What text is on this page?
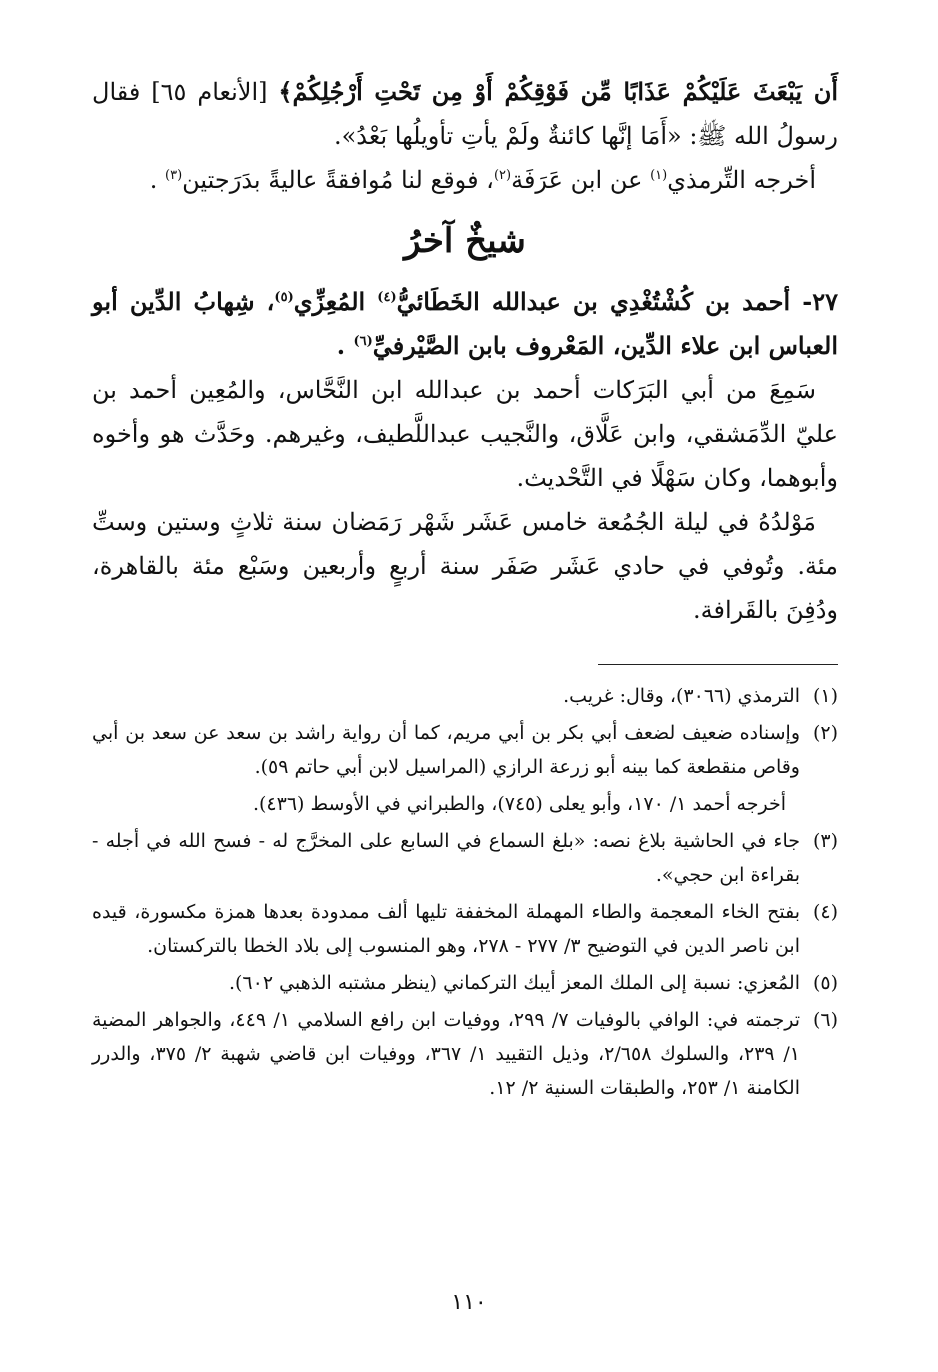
أَن يَبْعَثَ عَلَيْكُمْ عَذَابًا مِّن فَوْقِكُمْ أَوْ مِن تَحْتِ أَرْجُلِكُمْ﴾ [الأنعام ٦٥] فقال رسولُ الله ﷺ: «أَمَا إنَّها كائنةٌ ولَمْ يأتِ تأويلُها بَعْدُ».

أخرجه التِّرمذي$^{(١)}$ عن ابن عَرَفَة$^{(٢)}$، فوقع لنا مُوافقةً عاليةً بدَرَجتين$^{(٣)}$ .

شيخٌ آخرُ

٢٧- أحمد بن كُشْتُغْدِي بن عبدالله الخَطَائيُّ$^{(٤)}$ المُعِزِّي$^{(٥)}$، شِهابُ الدِّين أبو العباس ابن علاء الدِّين، المَعْروف بابن الصَّيْرفيِّ$^{(٦)}$ .

سَمِعَ من أبي البَرَكات أحمد بن عبدالله ابن النَّحَّاس، والمُعِين أحمد بن عليّ الدِّمَشقي، وابن عَلَّاق، والنَّجيب عبداللَّطيف، وغيرهم. وحَدَّث هو وأخوه وأبوهما، وكان سَهْلًا في التَّحْديث.

مَوْلدُهُ في ليلة الجُمُعة خامس عَشَر شَهْر رَمَضان سنة ثلاثٍ وستين وستِّ مئة. وتُوفي في حادي عَشَر صَفَر سنة أربعٍ وأربعين وسَبْع مئة بالقاهرة، ودُفِنَ بالقَرافة.

(١)
الترمذي (٣٠٦٦)، وقال: غريب.
(٢)
وإسناده ضعيف لضعف أبي بكر بن أبي مريم، كما أن رواية راشد بن سعد عن سعد بن أبي وقاص منقطعة كما بينه أبو زرعة الرازي (المراسيل لابن أبي حاتم ٥٩).
أخرجه أحمد ١/ ١٧٠، وأبو يعلى (٧٤٥)، والطبراني في الأوسط (٤٣٦).
(٣)
جاء في الحاشية بلاغ نصه: «بلغ السماع في السابع على المخرَّج له - فسح الله في أجله - بقراءة ابن حجي».
(٤)
بفتح الخاء المعجمة والطاء المهملة المخففة تليها ألف ممدودة بعدها همزة مكسورة، قيده ابن ناصر الدين في التوضيح ٣/ ٢٧٧ - ٢٧٨، وهو المنسوب إلى بلاد الخطا بالتركستان.
(٥)
المُعزي: نسبة إلى الملك المعز أيبك التركماني (ينظر مشتبه الذهبي ٦٠٢).
(٦)
ترجمته في: الوافي بالوفيات ٧/ ٢٩٩، ووفيات ابن رافع السلامي ١/ ٤٤٩، والجواهر المضية ١/ ٢٣٩، والسلوك ٢/٦٥٨، وذيل التقييد ١/ ٣٦٧، ووفيات ابن قاضي شهبة ٢/ ٣٧٥، والدرر الكامنة ١/ ٢٥٣، والطبقات السنية ٢/ ١٢.
١١٠
